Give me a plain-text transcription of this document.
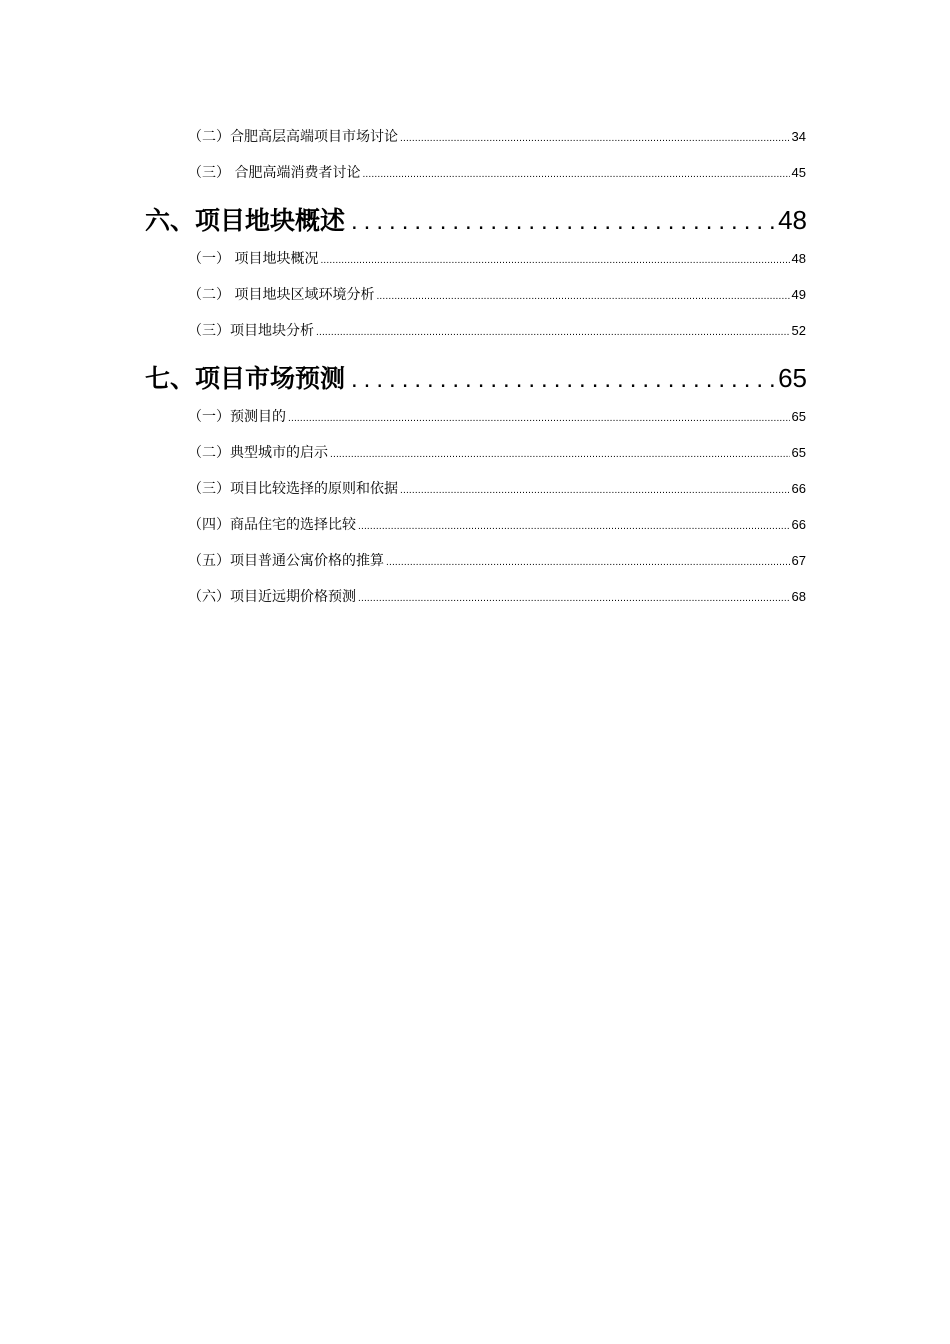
（二）合肥高层高端项目市场讨论 .....	34
（三） 合肥高端消费者讨论 .....	45
六、项目地块概述 .....	48
（一） 项目地块概况 .....	48
（二） 项目地块区域环境分析 .....	49
（三）项目地块分析 .....	52
七、项目市场预测 .....	65
（一）预测目的 .....	65
（二）典型城市的启示 .....	65
（三）项目比较选择的原则和依据 .....	66
（四）商品住宅的选择比较 .....	66
（五）项目普通公寓价格的推算 .....	67
（六）项目近远期价格预测 .....	68
